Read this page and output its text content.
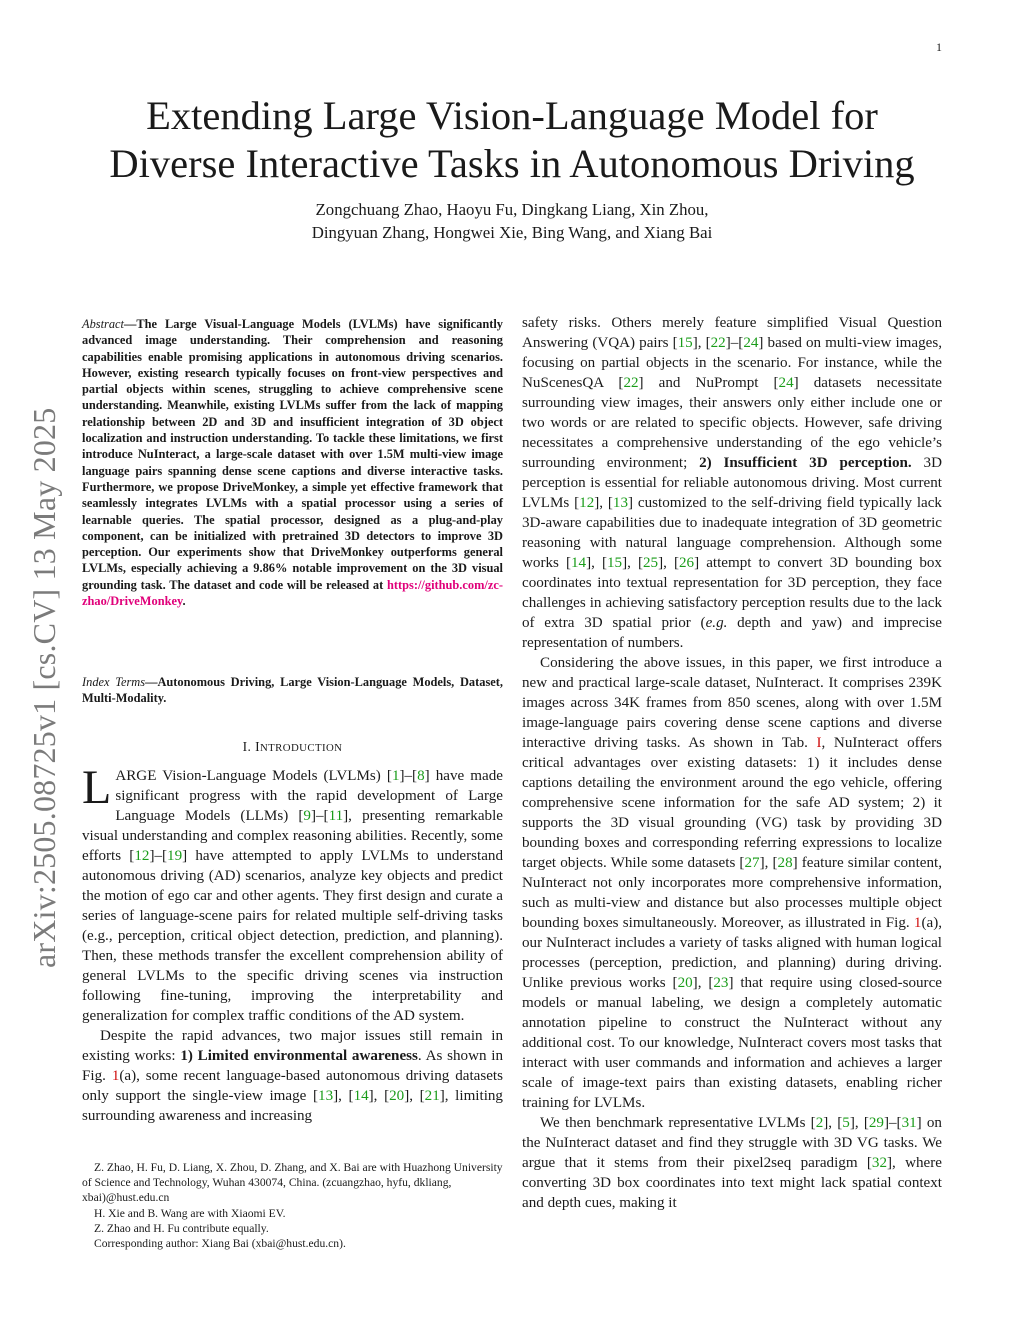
1
arXiv:2505.08725v1 [cs.CV] 13 May 2025
Extending Large Vision-Language Model for
Diverse Interactive Tasks in Autonomous Driving
Zongchuang Zhao, Haoyu Fu, Dingkang Liang, Xin Zhou,
Dingyuan Zhang, Hongwei Xie, Bing Wang, and Xiang Bai
Abstract—The Large Visual-Language Models (LVLMs) have significantly advanced image understanding. Their comprehension and reasoning capabilities enable promising applications in autonomous driving scenarios. However, existing research typically focuses on front-view perspectives and partial objects within scenes, struggling to achieve comprehensive scene understanding. Meanwhile, existing LVLMs suffer from the lack of mapping relationship between 2D and 3D and insufficient integration of 3D object localization and instruction understanding. To tackle these limitations, we first introduce NuInteract, a large-scale dataset with over 1.5M multi-view image language pairs spanning dense scene captions and diverse interactive tasks. Furthermore, we propose DriveMonkey, a simple yet effective framework that seamlessly integrates LVLMs with a spatial processor using a series of learnable queries. The spatial processor, designed as a plug-and-play component, can be initialized with pretrained 3D detectors to improve 3D perception. Our experiments show that DriveMonkey outperforms general LVLMs, especially achieving a 9.86% notable improvement on the 3D visual grounding task. The dataset and code will be released at https://github.com/zc-zhao/DriveMonkey.
Index Terms—Autonomous Driving, Large Vision-Language Models, Dataset, Multi-Modality.
I. INTRODUCTION

LARGE Vision-Language Models (LVLMs) [1]–[8] have made significant progress with the rapid development of Large Language Models (LLMs) [9]–[11], presenting remarkable visual understanding and complex reasoning abilities. Recently, some efforts [12]–[19] have attempted to apply LVLMs to understand autonomous driving (AD) scenarios, analyze key objects and predict the motion of ego car and other agents. They first design and curate a series of language-scene pairs for related multiple self-driving tasks (e.g., perception, critical object detection, prediction, and planning). Then, these methods transfer the excellent comprehension ability of general LVLMs to the specific driving scenes via instruction following fine-tuning, improving the interpretability and generalization for complex traffic conditions of the AD system.

Despite the rapid advances, two major issues still remain in existing works: 1) Limited environmental awareness. As shown in Fig. 1(a), some recent language-based autonomous driving datasets only support the single-view image [13], [14], [20], [21], limiting surrounding awareness and increasing

Z. Zhao, H. Fu, D. Liang, X. Zhou, D. Zhang, and X. Bai are with Huazhong University of Science and Technology, Wuhan 430074, China. (zcuangzhao, hyfu, dkliang, xbai)@hust.edu.cn

H. Xie and B. Wang are with Xiaomi EV.

Z. Zhao and H. Fu contribute equally.

Corresponding author: Xiang Bai (xbai@hust.edu.cn).

safety risks. Others merely feature simplified Visual Question Answering (VQA) pairs [15], [22]–[24] based on multi-view images, focusing on partial objects in the scenario. For instance, while the NuScenesQA [22] and NuPrompt [24] datasets necessitate surrounding view images, their answers only either include one or two words or are related to specific objects. However, safe driving necessitates a comprehensive understanding of the ego vehicle’s surrounding environment; 2) Insufficient 3D perception. 3D perception is essential for reliable autonomous driving. Most current LVLMs [12], [13] customized to the self-driving field typically lack 3D-aware capabilities due to inadequate integration of 3D geometric reasoning with natural language comprehension. Although some works [14], [15], [25], [26] attempt to convert 3D bounding box coordinates into textual representation for 3D perception, they face challenges in achieving satisfactory perception results due to the lack of extra 3D spatial prior (e.g. depth and yaw) and imprecise representation of numbers.

Considering the above issues, in this paper, we first introduce a new and practical large-scale dataset, NuInteract. It comprises 239K images across 34K frames from 850 scenes, along with over 1.5M image-language pairs covering dense scene captions and diverse interactive driving tasks. As shown in Tab. I, NuInteract offers critical advantages over existing datasets: 1) it includes dense captions detailing the environment around the ego vehicle, offering comprehensive scene information for the safe AD system; 2) it supports the 3D visual grounding (VG) task by providing 3D bounding boxes and corresponding referring expressions to localize target objects. While some datasets [27], [28] feature similar content, NuInteract not only incorporates more comprehensive information, such as multi-view and distance but also processes multiple object bounding boxes simultaneously. Moreover, as illustrated in Fig. 1(a), our NuInteract includes a variety of tasks aligned with human logical processes (perception, prediction, and planning) during driving. Unlike previous works [20], [23] that require using closed-source models or manual labeling, we design a completely automatic annotation pipeline to construct the NuInteract without any additional cost. To our knowledge, NuInteract covers most tasks that interact with user commands and information and achieves a larger scale of image-text pairs than existing datasets, enabling richer training for LVLMs.

We then benchmark representative LVLMs [2], [5], [29]–[31] on the NuInteract dataset and find they struggle with 3D VG tasks. We argue that it stems from their pixel2seq paradigm [32], where converting 3D box coordinates into text might lack spatial context and depth cues, making it
